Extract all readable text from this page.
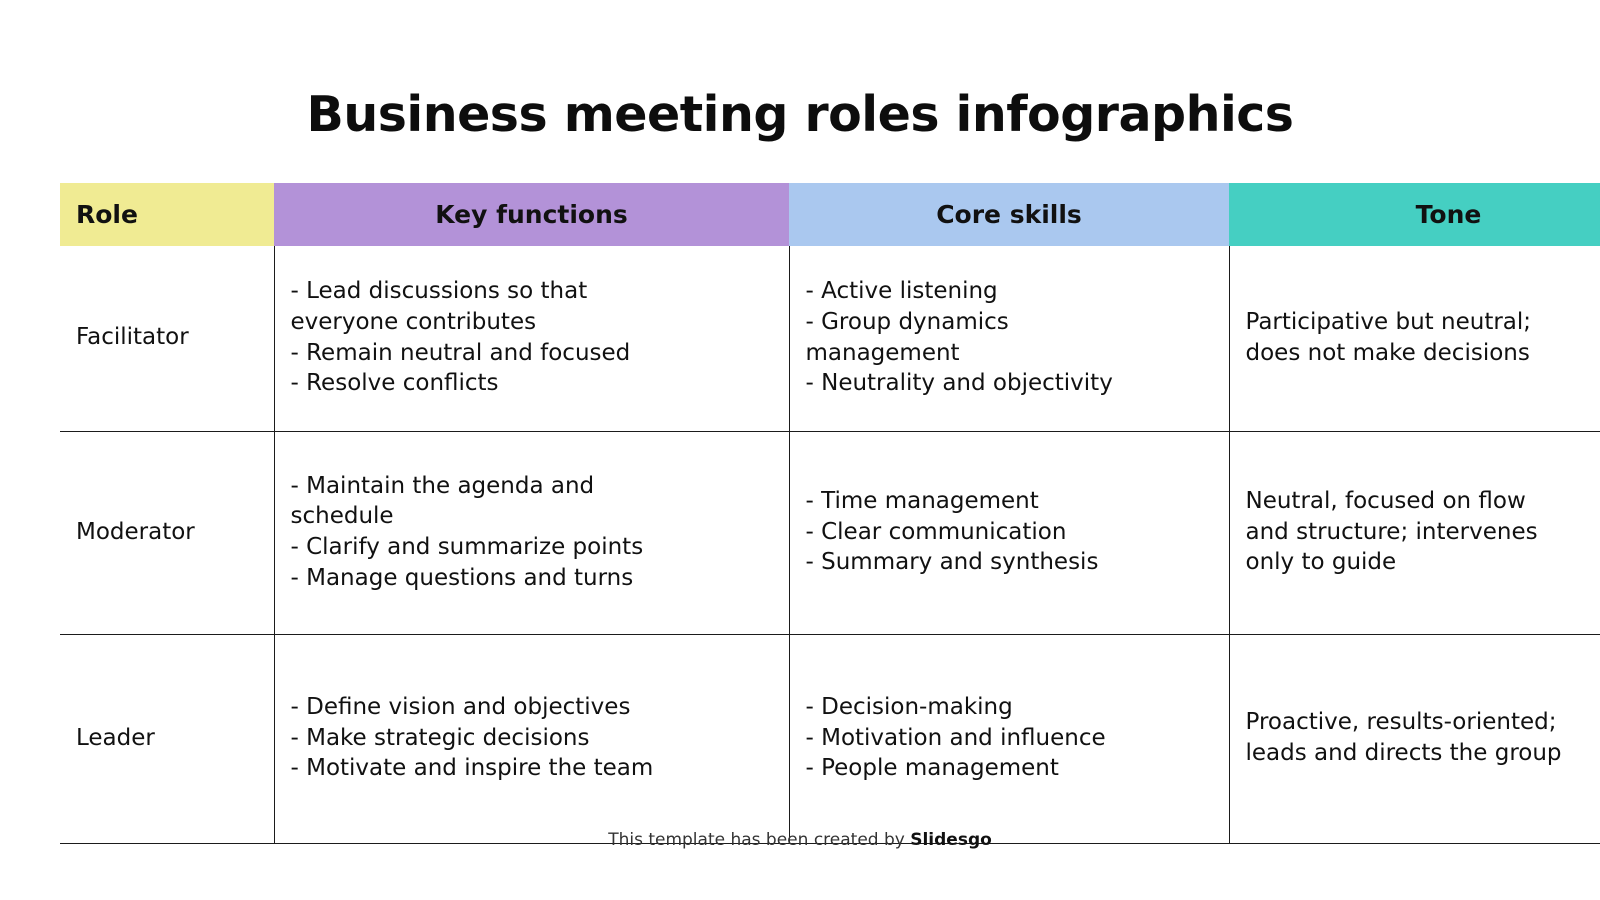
Business meeting roles infographics
Role	Key functions	Core skills	Tone
Facilitator	- Lead discussions so that
everyone contributes
- Remain neutral and focused
- Resolve conflicts	- Active listening
- Group dynamics
management
- Neutrality and objectivity	Participative but neutral;
does not make decisions

Moderator	- Maintain the agenda and
schedule
- Clarify and summarize points
- Manage questions and turns	- Time management
- Clear communication
- Summary and synthesis	Neutral, focused on flow
and structure; intervenes
only to guide

Leader	- Define vision and objectives
- Make strategic decisions
- Motivate and inspire the team	- Decision-making
- Motivation and influence
- People management	Proactive, results-oriented;
leads and directs the group
This template has been created by Slidesgo
